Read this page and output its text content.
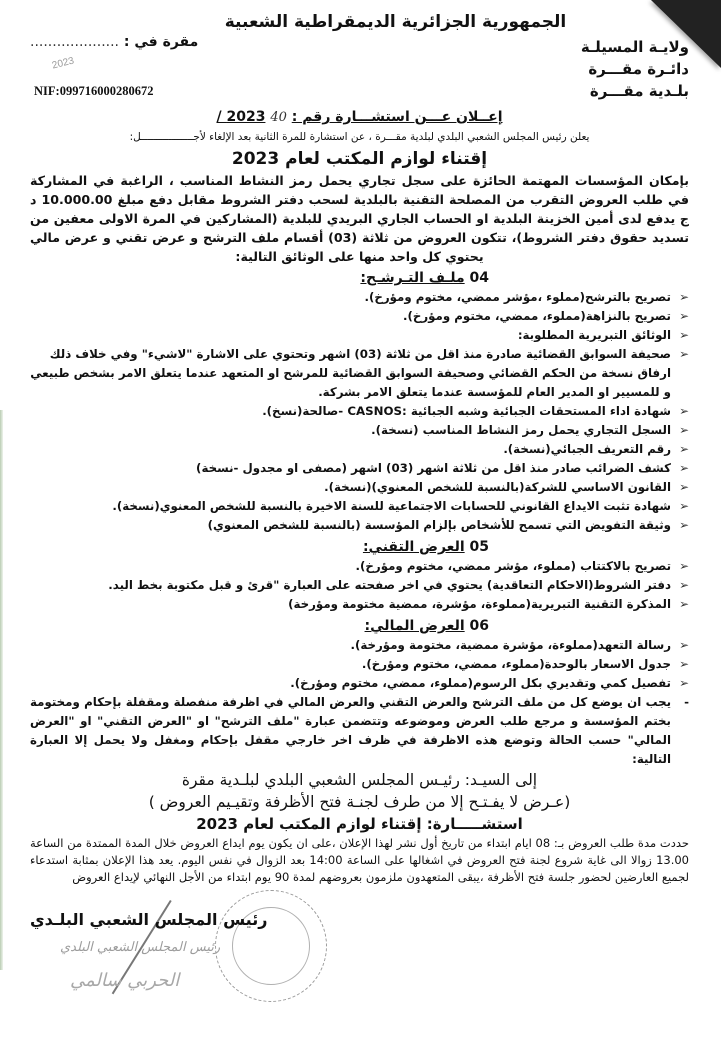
الجمهورية الجزائرية الديمقراطية الشعبية
ولايـة المسيلـة
دائـرة مقـــرة
بلـدية مقـــرة
مقرة في : ....................
2023
NIF:099716000280672
إعــلان عـــن استشـــارة رقم : 40 2023 /
يعلن رئيس المجلس الشعبي البلدي لبلدية مقـــرة ، عن استشارة للمرة الثانية بعد الإلغاء لأجـــــــــــــــــل:
إقتناء لوازم المكتب لعام 2023
بإمكان المؤسسات المهتمة الحائزة على سجل تجاري يحمل رمز النشاط المناسب ، الراغبة في المشاركة في طلب العروض التقرب من المصلحة التقنية بالبلدية لسحب دفتر الشروط مقابل دفع مبلغ 10.000.00 د ج يدفع لدى أمين الخزينة البلدية او الحساب الجاري البريدي للبلدية (المشاركين في المرة الاولى معفين من تسديد حقوق دفتر الشروط)، تتكون العروض من ثلاثة (03) أقسام ملف الترشح و عرض تقني و عرض مالي يحتوي كل واحد منها على الوثائق التالية:
04 ملـف التـرشـح:
➢
تصريح بالترشح(مملوء ،مؤشر ممضي، مختوم ومؤرخ).
➢
تصريح بالنزاهة(مملوء، ممضي، مختوم ومؤرخ).
➢
الوثائق التبريرية المطلوبة:
➢
صحيفة السوابق القضائية صادرة منذ اقل من ثلاثة (03) اشهر وتحتوي على الاشارة "لاشيء" وفي خلاف ذلك ارفاق نسخة من الحكم القضائي وصحيفة السوابق القضائية للمرشح او المتعهد عندما يتعلق الامر بشخص طبيعي و للمسيير او المدير العام للمؤسسة عندما يتعلق الامر بشركة.
➢
شهادة اداء المستحقات الجبائية وشبه الجبائية :CASNOS -صالحة(نسخ).
➢
السجل التجاري يحمل رمز النشاط المناسب (نسخة).
➢
رقم التعريف الجبائي(نسخة).
➢
كشف الضرائب صادر منذ اقل من ثلاثة اشهر (03) اشهر (مصفى او مجدول -نسخة)
➢
القانون الاساسي للشركة(بالنسبة للشخص المعنوي)(نسخة).
➢
شهادة تثبت الايداع القانوني للحسابات الاجتماعية للسنة الاخيرة بالنسبة للشخص المعنوي(نسخة).
➢
وثيقة التفويض التي تسمح للأشخاص بإلزام المؤسسة (بالنسبة للشخص المعنوي)
05 العرض التقني:
➢
تصريح بالاكتتاب (مملوء، مؤشر ممضي، مختوم ومؤرخ).
➢
دفتر الشروط(الاحكام التعاقدية) يحتوي في اخر صفحته على العبارة "قرئ و قبل مكتوبة بخط اليد.
➢
المذكرة التقنية التبريرية(مملوءة، مؤشرة، ممضية مختومة ومؤرخة)
06 العرض المالي:
➢
رسالة التعهد(مملوءة، مؤشرة ممضية، مختومة ومؤرخة).
➢
جدول الاسعار بالوحدة(مملوء، ممضي، مختوم ومؤرخ).
➢
تفصيل كمي وتقديري بكل الرسوم(مملوء، ممضي، مختوم ومؤرخ).
-
يجب ان يوضع كل من ملف الترشح والعرض التقني والعرض المالي في اظرفة منفصلة ومقفلة بإحكام ومختومة بختم المؤسسة و مرجع طلب العرض وموضوعه وتتضمن عبارة "ملف الترشح" او "العرض التقني" او "العرض المالي" حسب الحالة وتوضع هذه الاظرفة في ظرف اخر خارجي مقفل بإحكام ومغفل ولا يحمل إلا العبارة التالية:
إلى السيـد: رئيـس المجلس الشعبي البلدي لبلـدية مقرة
(عـرض لا يفـتـح إلا من طرف لجنـة فتح الأظرفة وتقيـيم العروض )
استشـــــارة: إقتناء لوازم المكتب لعام 2023
حددت مدة طلب العروض بـ: 08 ايام ابتداء من تاريخ أول نشر لهذا الإعلان ،على ان يكون يوم ايداع العروض خلال المدة الممتدة من الساعة 13.00 زوالا الى غاية شروع لجنة فتح العروض في اشغالها على الساعة 14:00 بعد الزوال في نفس اليوم. يعد هذا الإعلان بمثابة استدعاء لجميع العارضين لحضور جلسة فتح الأظرفة ،يبقى المتعهدون ملزمون بعروضهم لمدة 90 يوم ابتداء من الأجل النهائي لإيداع العروض
رئيس المجلس الشعبي البلـدي
رئيس المجلس الشعبي البلدي
الحربي سالمي
